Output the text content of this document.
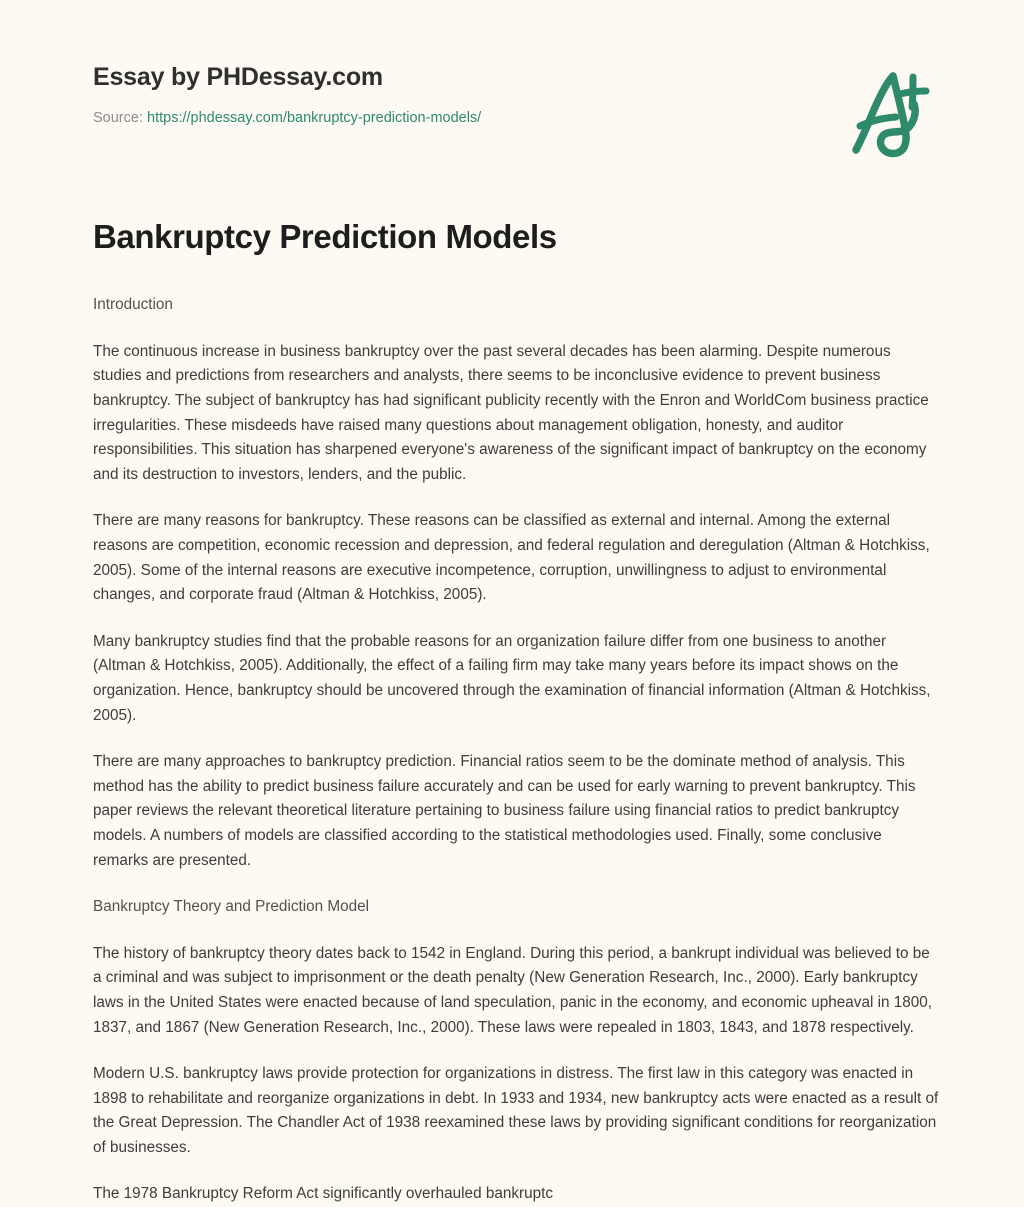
Essay by PHDessay.com
Source: https://phdessay.com/bankruptcy-prediction-models/
Bankruptcy Prediction Models

Introduction

The continuous increase in business bankruptcy over the past several decades has been alarming. Despite numerous studies and predictions from researchers and analysts, there seems to be inconclusive evidence to prevent business bankruptcy. The subject of bankruptcy has had significant publicity recently with the Enron and WorldCom business practice irregularities. These misdeeds have raised many questions about management obligation, honesty, and auditor responsibilities. This situation has sharpened everyone's awareness of the significant impact of bankruptcy on the economy and its destruction to investors, lenders, and the public.

There are many reasons for bankruptcy. These reasons can be classified as external and internal. Among the external reasons are competition, economic recession and depression, and federal regulation and deregulation (Altman & Hotchkiss, 2005). Some of the internal reasons are executive incompetence, corruption, unwillingness to adjust to environmental changes, and corporate fraud (Altman & Hotchkiss, 2005).

Many bankruptcy studies find that the probable reasons for an organization failure differ from one business to another (Altman & Hotchkiss, 2005). Additionally, the effect of a failing firm may take many years before its impact shows on the organization. Hence, bankruptcy should be uncovered through the examination of financial information (Altman & Hotchkiss, 2005).

There are many approaches to bankruptcy prediction. Financial ratios seem to be the dominate method of analysis. This method has the ability to predict business failure accurately and can be used for early warning to prevent bankruptcy. This paper reviews the relevant theoretical literature pertaining to business failure using financial ratios to predict bankruptcy models. A numbers of models are classified according to the statistical methodologies used. Finally, some conclusive remarks are presented.

Bankruptcy Theory and Prediction Model

The history of bankruptcy theory dates back to 1542 in England. During this period, a bankrupt individual was believed to be a criminal and was subject to imprisonment or the death penalty (New Generation Research, Inc., 2000). Early bankruptcy laws in the United States were enacted because of land speculation, panic in the economy, and economic upheaval in 1800, 1837, and 1867 (New Generation Research, Inc., 2000). These laws were repealed in 1803, 1843, and 1878 respectively.

Modern U.S. bankruptcy laws provide protection for organizations in distress. The first law in this category was enacted in 1898 to rehabilitate and reorganize organizations in debt. In 1933 and 1934, new bankruptcy acts were enacted as a result of the Great Depression. The Chandler Act of 1938 reexamined these laws by providing significant conditions for reorganization of businesses.

The 1978 Bankruptcy Reform Act significantly overhauled bankruptc
